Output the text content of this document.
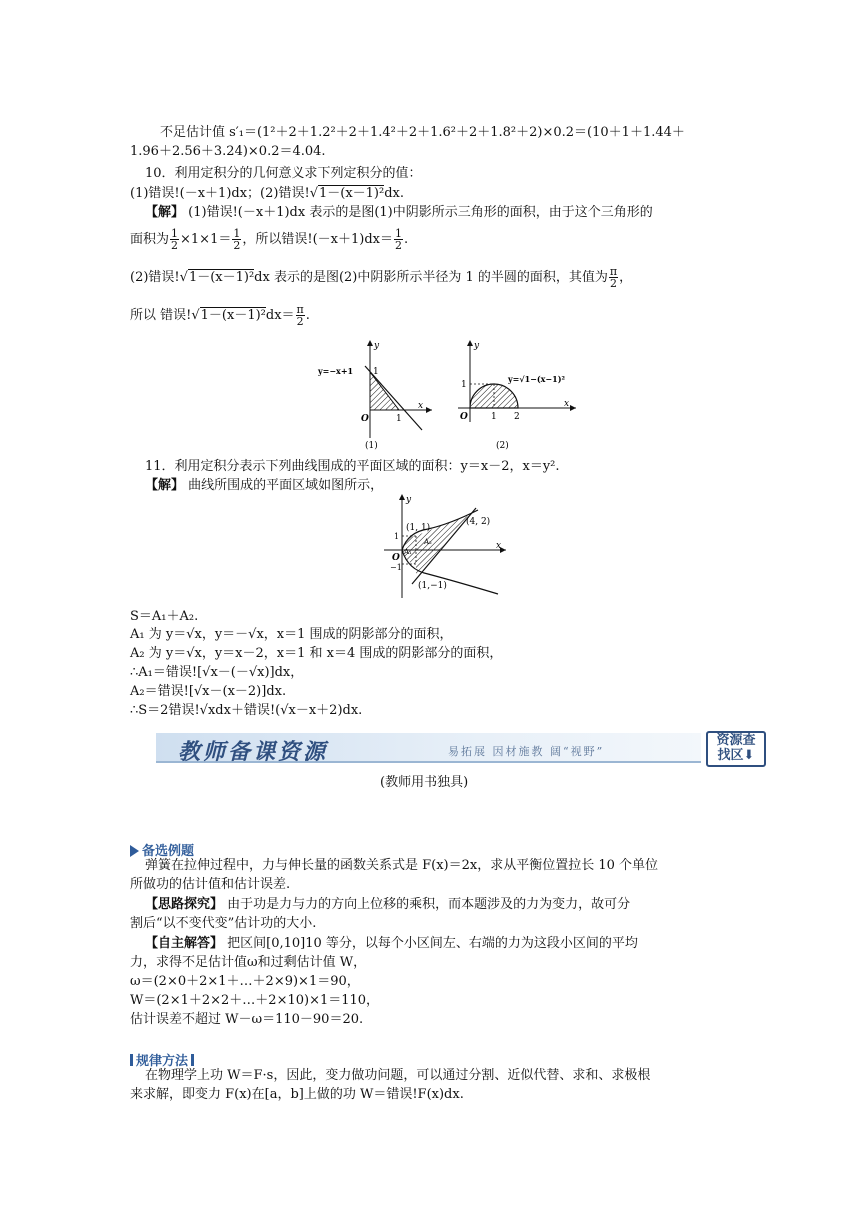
不足估计值 s′₁＝(1²＋2＋1.2²＋2＋1.4²＋2＋1.6²＋2＋1.8²＋2)×0.2＝(10＋1＋1.44＋
1.96＋2.56＋3.24)×0.2＝4.04.
10．利用定积分的几何意义求下列定积分的值：
(1)错误!(－x＋1)dx；(2)错误!√1－(x－1)²dx.
【解】 (1)错误!(－x＋1)dx 表示的是图(1)中阴影所示三角形的面积，由于这个三角形的
面积为 $\frac{1}{2} \times 1\times 1= \frac{1}{2}$ ，所以错误$!(-x+1)dx= \frac{1}{2}$ .
(2)错误!√1－(x－1)²dx 表示的是图(2)中阴影所示半径为 1 的半圆的面积，其值为 $\frac{\pi}{2}$ ，
所以 错误$!√1-(x-1)^2dx= \frac{\pi}{2}$ .
y
x
O	1
1
y=−x+1
(1)
y
x
O
1
1 2
y=√1−(x−1)²
(2)
11．利用定积分表示下列曲线围成的平面区域的面积：y＝x－2，x＝y².
【解】 曲线所围成的平面区域如图所示，
y
x
O
(1, 1)
(4, 2)
(1,−1)
A₁
A₂
1
−1
S＝A₁＋A₂.
A₁ 为 y＝√x，y＝－√x，x＝1 围成的阴影部分的面积，
A₂ 为 y＝√x，y＝x－2，x＝1 和 x＝4 围成的阴影部分的面积，
∴A₁＝错误![√x－(－√x)]dx，
A₂＝错误![√x－(x－2)]dx.
∴S＝2错误!√xdx＋错误!(√x－x＋2)dx.
教师备课资源	易拓展 因材施教 阔“视野”
资源查
找区⬇
(教师用书独具)
备选例题
弹簧在拉伸过程中，力与伸长量的函数关系式是 F(x)＝2x，求从平衡位置拉长 10 个单位
所做功的估计值和估计误差.
【思路探究】 由于功是力与力的方向上位移的乘积，而本题涉及的力为变力，故可分
割后“以不变代变”估计功的大小.
【自主解答】 把区间[0,10]10 等分，以每个小区间左、右端的力为这段小区间的平均
力，求得不足估计值ω和过剩估计值 W，
ω＝(2×0＋2×1＋…＋2×9)×1＝90，
W＝(2×1＋2×2＋…＋2×10)×1＝110，
估计误差不超过 W－ω＝110－90＝20.
规律方法
在物理学上功 W＝F·s，因此，变力做功问题，可以通过分割、近似代替、求和、求极根
来求解，即变力 F(x)在[a，b]上做的功 W＝错误!F(x)dx.
